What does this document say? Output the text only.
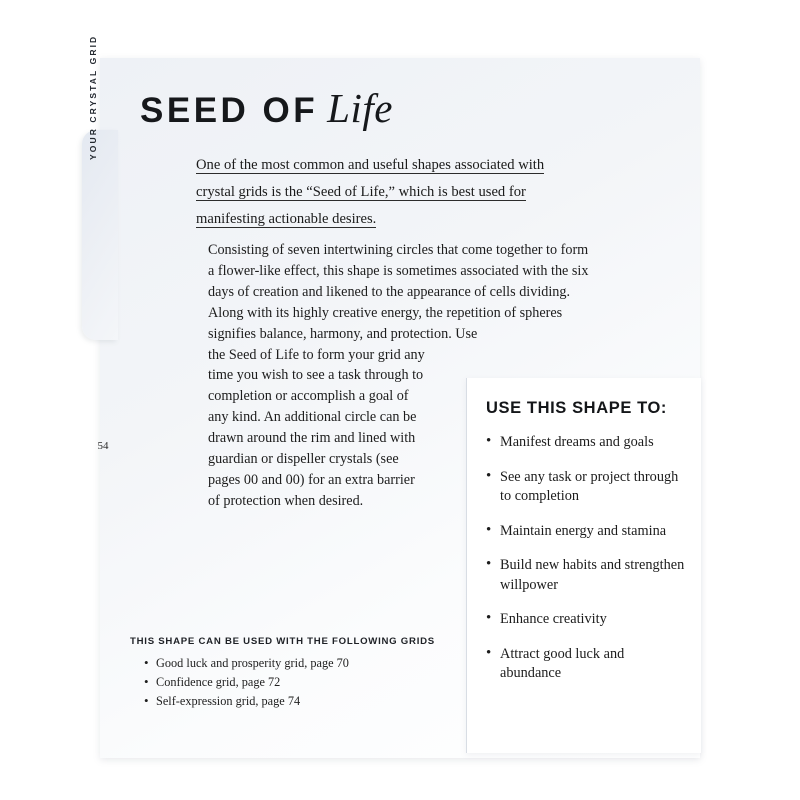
YOUR CRYSTAL GRID
54
SEED OF Life
One of the most common and useful shapes associated with crystal grids is the “Seed of Life,” which is best used for manifesting actionable desires.

Consisting of seven intertwining circles that come together to form a flower-like effect, this shape is sometimes associated with the six days of creation and likened to the appearance of cells dividing. Along with its highly creative energy, the repetition of spheres signifies balance, harmony, and protection. Use the Seed of Life to form your grid any time you wish to see a task through to completion or accomplish a goal of any kind. An additional circle can be drawn around the rim and lined with guardian or dispeller crystals (see pages 00 and 00) for an extra barrier of protection when desired.

USE THIS SHAPE TO:
• Manifest dreams and goals
• See any task or project through to completion
• Maintain energy and stamina
• Build new habits and strengthen willpower
• Enhance creativity
• Attract good luck and abundance
THIS SHAPE CAN BE USED WITH THE FOLLOWING GRIDS
• Good luck and prosperity grid, page 70
• Confidence grid, page 72
• Self-expression grid, page 74
